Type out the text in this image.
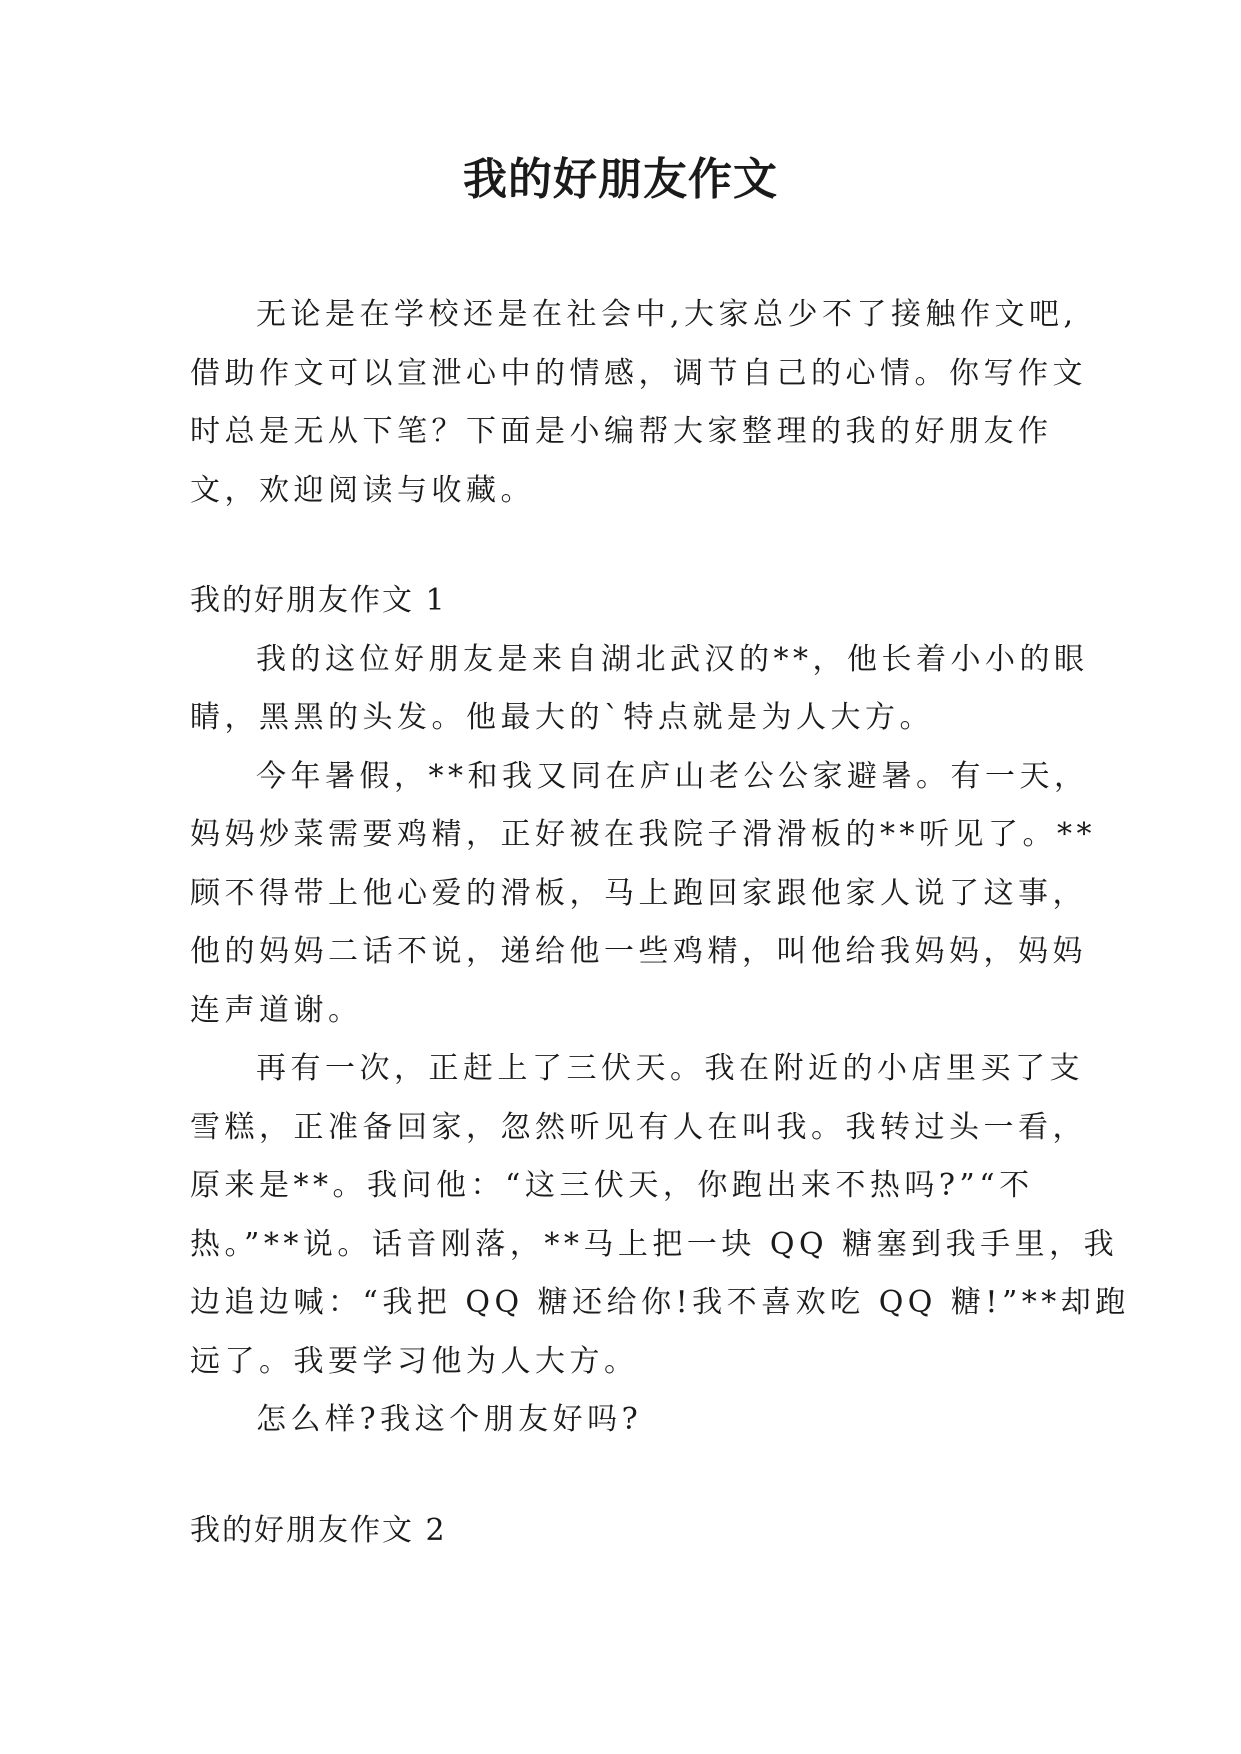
我的好朋友作文
无论是在学校还是在社会中,大家总少不了接触作文吧,
借助作文可以宣泄心中的情感，调节自己的心情。你写作文
时总是无从下笔？下面是小编帮大家整理的我的好朋友作
文，欢迎阅读与收藏。
我的好朋友作文 1
我的这位好朋友是来自湖北武汉的**，他长着小小的眼
睛，黑黑的头发。他最大的`特点就是为人大方。
今年暑假，**和我又同在庐山老公公家避暑。有一天，
妈妈炒菜需要鸡精，正好被在我院子滑滑板的**听见了。**
顾不得带上他心爱的滑板，马上跑回家跟他家人说了这事，
他的妈妈二话不说，递给他一些鸡精，叫他给我妈妈，妈妈
连声道谢。
再有一次，正赶上了三伏天。我在附近的小店里买了支
雪糕，正准备回家，忽然听见有人在叫我。我转过头一看，
原来是**。我问他：“这三伏天，你跑出来不热吗?”“不
热。”**说。话音刚落，**马上把一块 QQ 糖塞到我手里，我
边追边喊：“我把 QQ 糖还给你!我不喜欢吃 QQ 糖!”**却跑
远了。我要学习他为人大方。
怎么样?我这个朋友好吗?
我的好朋友作文 2
